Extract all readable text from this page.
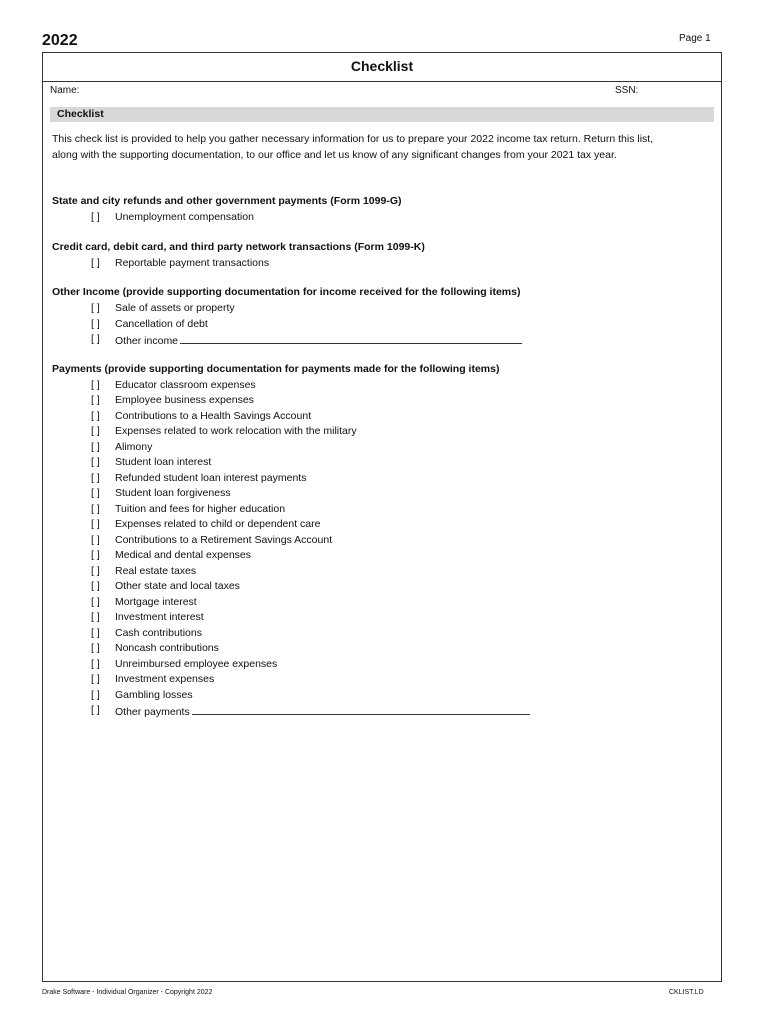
2022	Page 1
Checklist
Name:	SSN:
Checklist
This check list is provided to help you gather necessary information for us to prepare your 2022 income tax return. Return this list, along with the supporting documentation, to our office and let us know of any significant changes from your 2021 tax year.
State and city refunds and other government payments (Form 1099-G)
[ ] Unemployment compensation
Credit card, debit card, and third party network transactions (Form 1099-K)
[ ] Reportable payment transactions
Other Income (provide supporting documentation for income received for the following items)
[ ] Sale of assets or property
[ ] Cancellation of debt
[ ] Other income
Payments (provide supporting documentation for payments made for the following items)
[ ] Educator classroom expenses
[ ] Employee business expenses
[ ] Contributions to a Health Savings Account
[ ] Expenses related to work relocation with the military
[ ] Alimony
[ ] Student loan interest
[ ] Refunded student loan interest payments
[ ] Student loan forgiveness
[ ] Tuition and fees for higher education
[ ] Expenses related to child or dependent care
[ ] Contributions to a Retirement Savings Account
[ ] Medical and dental expenses
[ ] Real estate taxes
[ ] Other state and local taxes
[ ] Mortgage interest
[ ] Investment interest
[ ] Cash contributions
[ ] Noncash contributions
[ ] Unreimbursed employee expenses
[ ] Investment expenses
[ ] Gambling losses
[ ] Other payments
Drake Software - Individual Organizer - Copyright 2022	CKLIST.LD
